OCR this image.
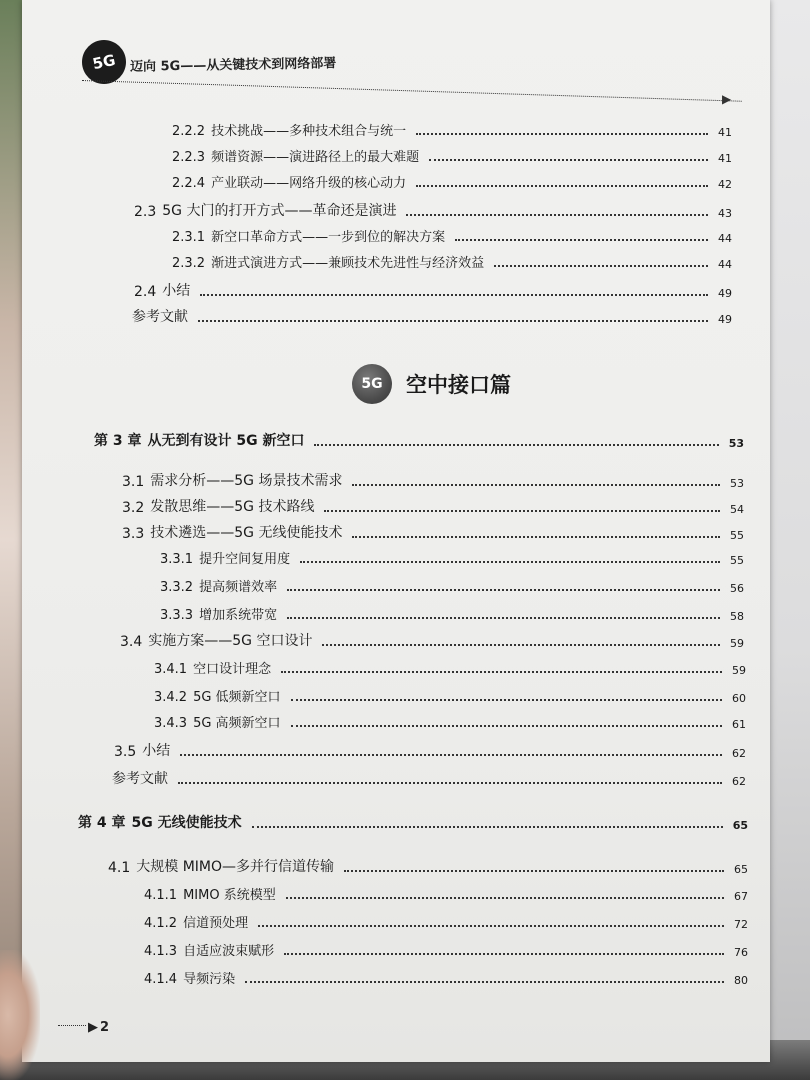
5G 迈向 5G——从关键技术到网络部署
▶
2.2.2 技术挑战——多种技术组合与统一	41
2.2.3 频谱资源——演进路径上的最大难题	41
2.2.4 产业联动——网络升级的核心动力	42
2.3 5G 大门的打开方式——革命还是演进	43
2.3.1 新空口革命方式——一步到位的解决方案	44
2.3.2 渐进式演进方式——兼顾技术先进性与经济效益	44
2.4 小结	49
参考文献	49
5G	空中接口篇
第 3 章 从无到有设计 5G 新空口	53
3.1 需求分析——5G 场景技术需求	53
3.2 发散思维——5G 技术路线	54
3.3 技术遴选——5G 无线使能技术	55
3.3.1 提升空间复用度	55
3.3.2 提高频谱效率	56
3.3.3 增加系统带宽	58
3.4 实施方案——5G 空口设计	59
3.4.1 空口设计理念	59
3.4.2 5G 低频新空口	60
3.4.3 5G 高频新空口	61
3.5 小结	62
参考文献	62
第 4 章 5G 无线使能技术	65
4.1 大规模 MIMO—多并行信道传输	65
4.1.1 MIMO 系统模型	67
4.1.2 信道预处理	72
4.1.3 自适应波束赋形	76
4.1.4 导频污染	80
▶ 2
